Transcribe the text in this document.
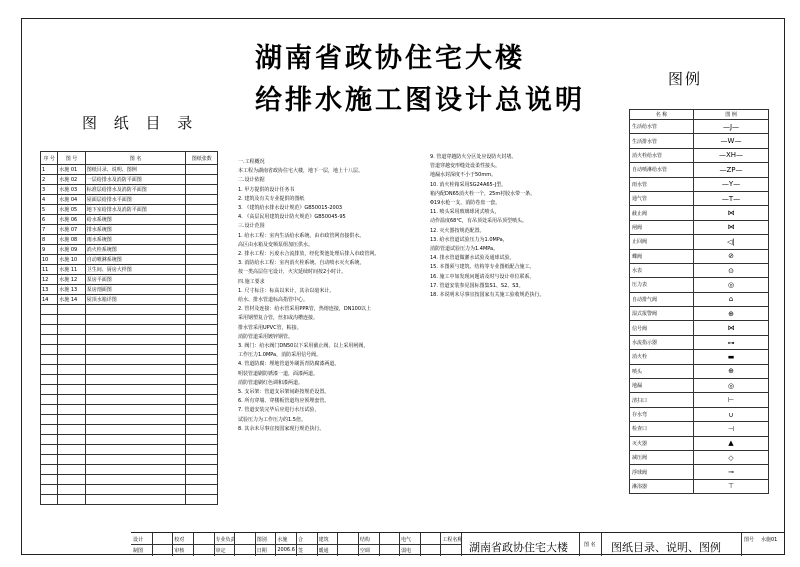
湖南省政协住宅大楼
给排水施工图设计总说明
图 纸 目 录
图例
序 号	图 号	图 名	图纸张数
1	水施 01	图纸目录、说明、图例	
2	水施 02	一层给排水及消防平面图	
3	水施 03	标准层给排水及消防平面图	
4	水施 04	屋面层给排水平面图	
5	水施 05	地下室给排水及消防平面图	
6	水施 06	给水系统图	
7	水施 07	排水系统图	
8	水施 08	雨水系统图	
9	水施 09	消火栓系统图	
10	水施 10	自动喷淋系统图	
11	水施 11	卫生间、厨房大样图	
12	水施 12	泵房平面图	
13	水施 13	泵房剖面图	
14	水施 14	屋顶水箱详图	

一.工程概况
本工程为湖南省政协住宅大楼，地下一层，地上十八层。
二.设计依据
1. 甲方提供的设计任务书
2. 建筑及有关专业提供的图纸
3. 《建筑给水排水设计规范》GB50015-2003
4. 《高层民用建筑设计防火规范》GB50045-95
三.设计范围
1. 给水工程：室内生活给水系统，由市政管网直接供水。
高区由水箱及变频泵组加压供水。
2. 排水工程：污废水合流排放，经化粪池处理后排入市政管网。
3. 消防给水工程：室内消火栓系统、自动喷水灭火系统，
按一类高层住宅设计，火灾延续时间按2小时计。
四.施工要求
1. 尺寸标注：标高以米计，其余以毫米计。
给水、排水管道标高指管中心。
2. 管材及连接：给水管采用PPR管，热熔连接，DN100以上
采用钢塑复合管，丝扣或沟槽连接。
排水管采用UPVC管，粘接。
消防管道采用镀锌钢管。
3. 阀门：给水阀门DN50以下采用截止阀，以上采用闸阀，
工作压力1.0MPa，消防采用信号阀。
4. 管道防腐：埋地管道外刷沥青防腐漆两道。
明装管道刷防锈漆一道，面漆两道。
消防管道刷红色调和漆两道。
5. 支吊架：管道支吊架间距按规范设置。
6. 所有穿墙、穿楼板管道均应预埋套管。
7. 管道安装完毕后应进行水压试验，
试验压力为工作压力的1.5倍。
8. 其余未尽事宜按国家现行规范执行。
9. 管道穿越防火分区处应设防火封堵。
管道穿越变形缝处设柔性接头。
地漏水封深度不小于50mm。
10. 消火栓箱采用SG24A65-J型。
箱内配DN65消火栓一个，25m衬胶水带一条。
Φ19水枪一支，消防卷盘一套。
11. 喷头采用玻璃球闭式喷头，
动作温度68℃，有吊顶处采用吊顶型喷头。
12. 灭火器按规范配置。
13. 给水管道试验压力为1.0MPa，
消防管道试验压力为1.4MPa。
14. 排水管道做灌水试验及通球试验。
15. 本图须与建筑、结构等专业图纸配合施工。
16. 施工中如发现问题请及时与设计单位联系。
17. 管道安装参见国标图集S1、S2、S3。
18. 本说明未尽事宜按国家有关施工验收规范执行。
名 称	图 例
生活给水管	—J—
生活排水管	—W—
消火栓给水管	—XH—
自动喷淋给水管	—ZP—
雨水管	—Y—
通气管	—T—
截止阀	⋈
闸阀	⋈
止回阀	◁|
蝶阀	⊘
水表	⊙
压力表	◎
自动排气阀	⌂
湿式报警阀	⊕
信号阀	⋈
水流指示器	⊶
消火栓	▬
喷头	⊕
地漏	◎
清扫口	⊢
存水弯	∪
检查口	⊣
灭火器	▲
减压阀	◇
浮球阀	⊸
淋浴器	⊤
设计	校对	专业负责	图别 水施 合	建筑	结构	电气	工程名称
制图	审核	审定	日期 2006.6 签	暖通	空调	弱电	湖南省政协住宅大楼	图 名 图纸目录、说明、图例
图号 水施01
